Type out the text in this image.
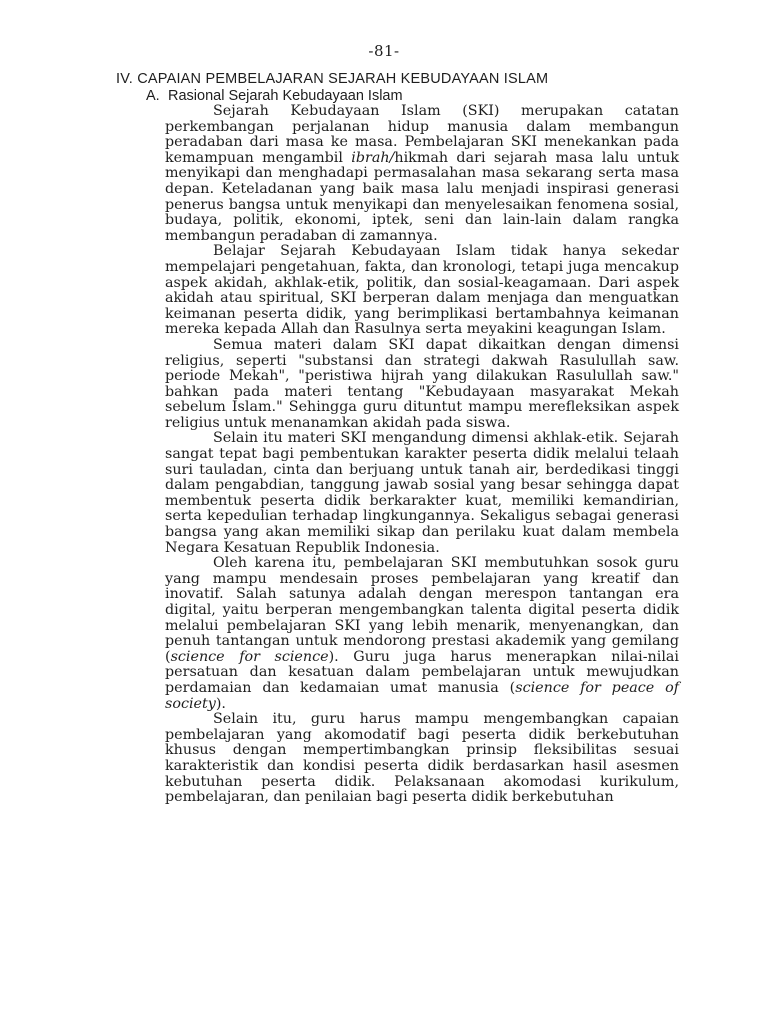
-81-
IV. CAPAIAN PEMBELAJARAN SEJARAH KEBUDAYAAN ISLAM
A. Rasional Sejarah Kebudayaan Islam

Sejarah Kebudayaan Islam (SKI) merupakan catatan perkembangan perjalanan hidup manusia dalam membangun peradaban dari masa ke masa. Pembelajaran SKI menekankan pada kemampuan mengambil ibrah/hikmah dari sejarah masa lalu untuk menyikapi dan menghadapi permasalahan masa sekarang serta masa depan. Keteladanan yang baik masa lalu menjadi inspirasi generasi penerus bangsa untuk menyikapi dan menyelesaikan fenomena sosial, budaya, politik, ekonomi, iptek, seni dan lain-lain dalam rangka membangun peradaban di zamannya.

Belajar Sejarah Kebudayaan Islam tidak hanya sekedar mempelajari pengetahuan, fakta, dan kronologi, tetapi juga mencakup aspek akidah, akhlak-etik, politik, dan sosial-keagamaan. Dari aspek akidah atau spiritual, SKI berperan dalam menjaga dan menguatkan keimanan peserta didik, yang berimplikasi bertambahnya keimanan mereka kepada Allah dan Rasulnya serta meyakini keagungan Islam.

Semua materi dalam SKI dapat dikaitkan dengan dimensi religius, seperti "substansi dan strategi dakwah Rasulullah saw. periode Mekah", "peristiwa hijrah yang dilakukan Rasulullah saw." bahkan pada materi tentang "Kebudayaan masyarakat Mekah sebelum Islam." Sehingga guru dituntut mampu merefleksikan aspek religius untuk menanamkan akidah pada siswa.

Selain itu materi SKI mengandung dimensi akhlak-etik. Sejarah sangat tepat bagi pembentukan karakter peserta didik melalui telaah suri tauladan, cinta dan berjuang untuk tanah air, berdedikasi tinggi dalam pengabdian, tanggung jawab sosial yang besar sehingga dapat membentuk peserta didik berkarakter kuat, memiliki kemandirian, serta kepedulian terhadap lingkungannya. Sekaligus sebagai generasi bangsa yang akan memiliki sikap dan perilaku kuat dalam membela Negara Kesatuan Republik Indonesia.

Oleh karena itu, pembelajaran SKI membutuhkan sosok guru yang mampu mendesain proses pembelajaran yang kreatif dan inovatif. Salah satunya adalah dengan merespon tantangan era digital, yaitu berperan mengembangkan talenta digital peserta didik melalui pembelajaran SKI yang lebih menarik, menyenangkan, dan penuh tantangan untuk mendorong prestasi akademik yang gemilang (science for science). Guru juga harus menerapkan nilai-nilai persatuan dan kesatuan dalam pembelajaran untuk mewujudkan perdamaian dan kedamaian umat manusia (science for peace of society).

Selain itu, guru harus mampu mengembangkan capaian pembelajaran yang akomodatif bagi peserta didik berkebutuhan khusus dengan mempertimbangkan prinsip fleksibilitas sesuai karakteristik dan kondisi peserta didik berdasarkan hasil asesmen kebutuhan peserta didik. Pelaksanaan akomodasi kurikulum, pembelajaran, dan penilaian bagi peserta didik berkebutuhan
